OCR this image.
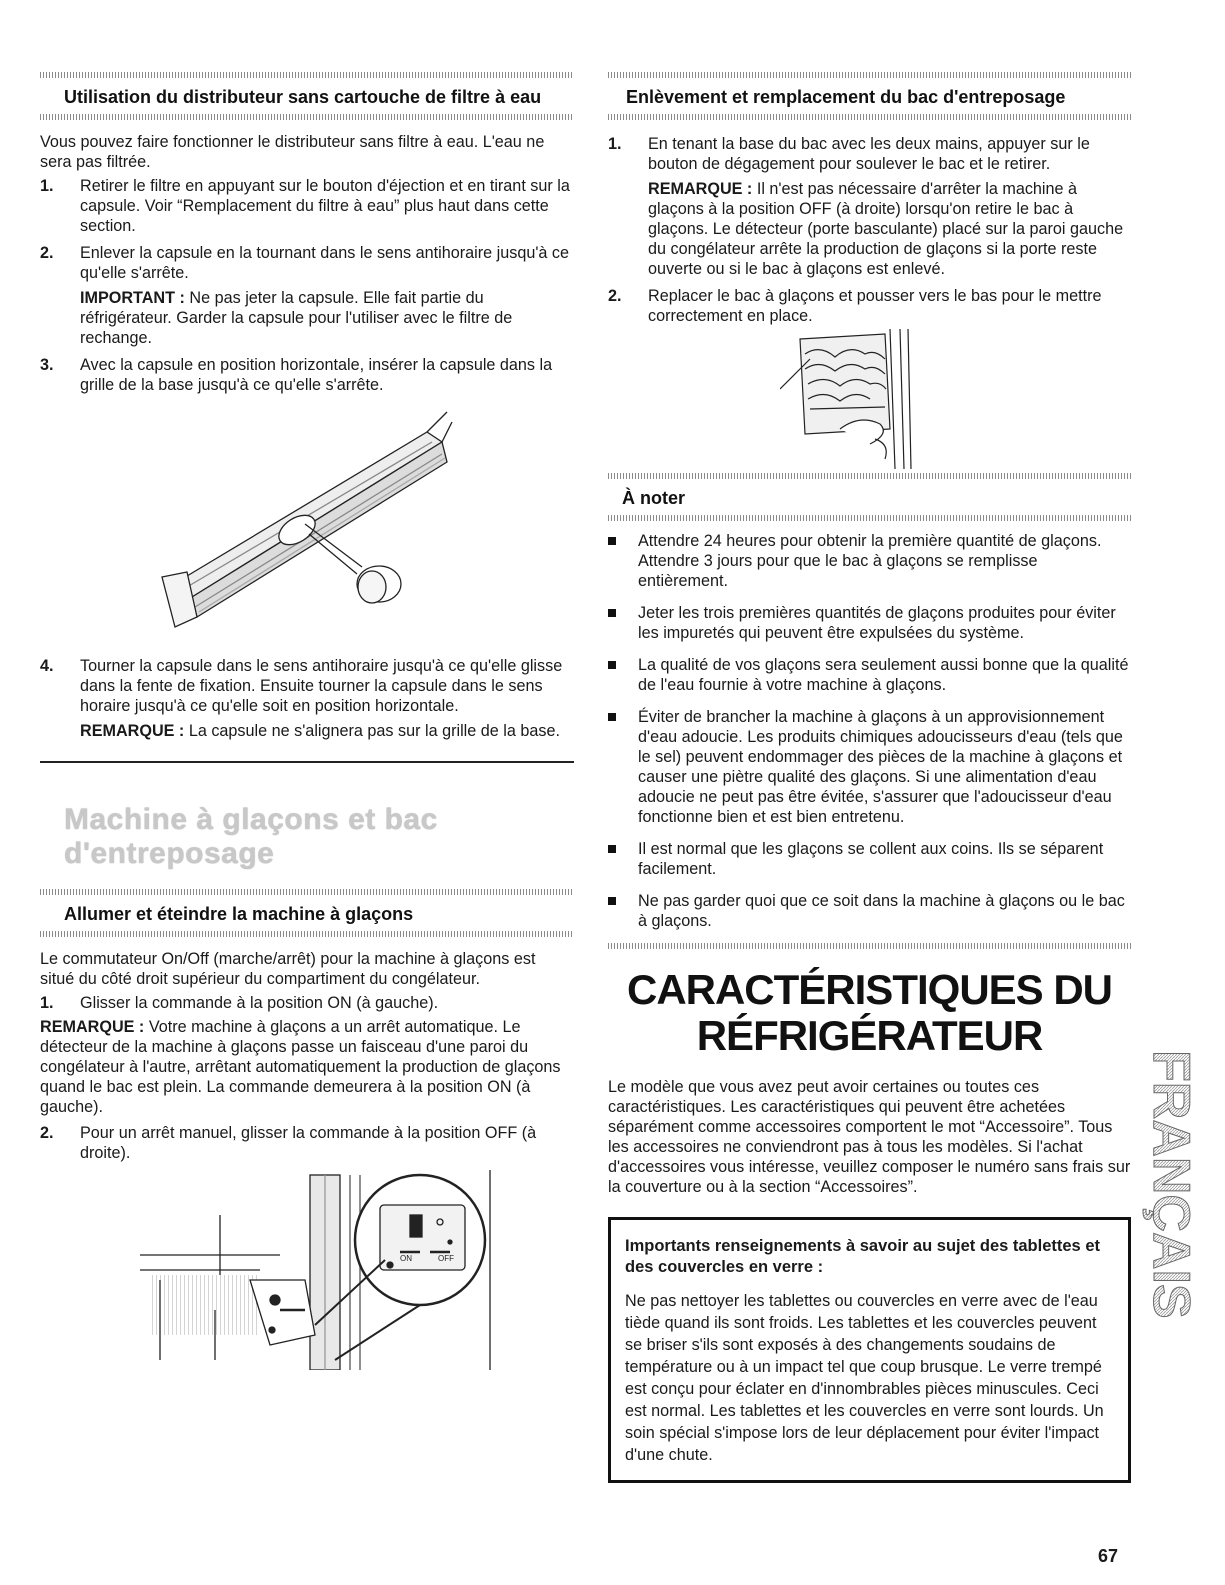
Utilisation du distributeur sans cartouche de filtre à eau

Vous pouvez faire fonctionner le distributeur sans filtre à eau. L'eau ne sera pas filtrée.

1. Retirer le filtre en appuyant sur le bouton d'éjection et en tirant sur la capsule. Voir “Remplacement du filtre à eau” plus haut dans cette section.
2. Enlever la capsule en la tournant dans le sens antihoraire jusqu'à ce qu'elle s'arrête.
IMPORTANT : Ne pas jeter la capsule. Elle fait partie du réfrigérateur. Garder la capsule pour l'utiliser avec le filtre de rechange.
3. Avec la capsule en position horizontale, insérer la capsule dans la grille de la base jusqu'à ce qu'elle s'arrête.
4. Tourner la capsule dans le sens antihoraire jusqu'à ce qu'elle glisse dans la fente de fixation. Ensuite tourner la capsule dans le sens horaire jusqu'à ce qu'elle soit en position horizontale.
REMARQUE : La capsule ne s'alignera pas sur la grille de la base.
Machine à glaçons et bac d'entreposage
Allumer et éteindre la machine à glaçons

Le commutateur On/Off (marche/arrêt) pour la machine à glaçons est situé du côté droit supérieur du compartiment du congélateur.

1. Glisser la commande à la position ON (à gauche).
REMARQUE : Votre machine à glaçons a un arrêt automatique. Le détecteur de la machine à glaçons passe un faisceau d'une paroi du congélateur à l'autre, arrêtant automatiquement la production de glaçons quand le bac est plein. La commande demeurera à la position ON (à gauche).
2. Pour un arrêt manuel, glisser la commande à la position OFF (à droite).
ON	OFF
Enlèvement et remplacement du bac d'entreposage
1. En tenant la base du bac avec les deux mains, appuyer sur le bouton de dégagement pour soulever le bac et le retirer.
REMARQUE : Il n'est pas nécessaire d'arrêter la machine à glaçons à la position OFF (à droite) lorsqu'on retire le bac à glaçons. Le détecteur (porte basculante) placé sur la paroi gauche du congélateur arrête la production de glaçons si la porte reste ouverte ou si le bac à glaçons est enlevé.
2. Replacer le bac à glaçons et pousser vers le bas pour le mettre correctement en place.
À noter
Attendre 24 heures pour obtenir la première quantité de glaçons. Attendre 3 jours pour que le bac à glaçons se remplisse entièrement.
Jeter les trois premières quantités de glaçons produites pour éviter les impuretés qui peuvent être expulsées du système.
La qualité de vos glaçons sera seulement aussi bonne que la qualité de l'eau fournie à votre machine à glaçons.
Éviter de brancher la machine à glaçons à un approvisionnement d'eau adoucie. Les produits chimiques adoucisseurs d'eau (tels que le sel) peuvent endommager des pièces de la machine à glaçons et causer une piètre qualité des glaçons. Si une alimentation d'eau adoucie ne peut pas être évitée, s'assurer que l'adoucisseur d'eau fonctionne bien et est bien entretenu.
Il est normal que les glaçons se collent aux coins. Ils se séparent facilement.
Ne pas garder quoi que ce soit dans la machine à glaçons ou le bac à glaçons.
CARACTÉRISTIQUES DU
RÉFRIGÉRATEUR

Le modèle que vous avez peut avoir certaines ou toutes ces caractéristiques. Les caractéristiques qui peuvent être achetées séparément comme accessoires comportent le mot “Accessoire”. Tous les accessoires ne conviendront pas à tous les modèles. Si l'achat d'accessoires vous intéresse, veuillez composer le numéro sans frais sur la couverture ou à la section “Accessoires”.

Importants renseignements à savoir au sujet des tablettes et des couvercles en verre :

Ne pas nettoyer les tablettes ou couvercles en verre avec de l'eau tiède quand ils sont froids. Les tablettes et les couvercles peuvent se briser s'ils sont exposés à des changements soudains de température ou à un impact tel que coup brusque. Le verre trempé est conçu pour éclater en d'innombrables pièces minuscules. Ceci est normal. Les tablettes et les couvercles en verre sont lourds. Un soin spécial s'impose lors de leur déplacement pour éviter l'impact d'une chute.

FRANÇAIS
67
